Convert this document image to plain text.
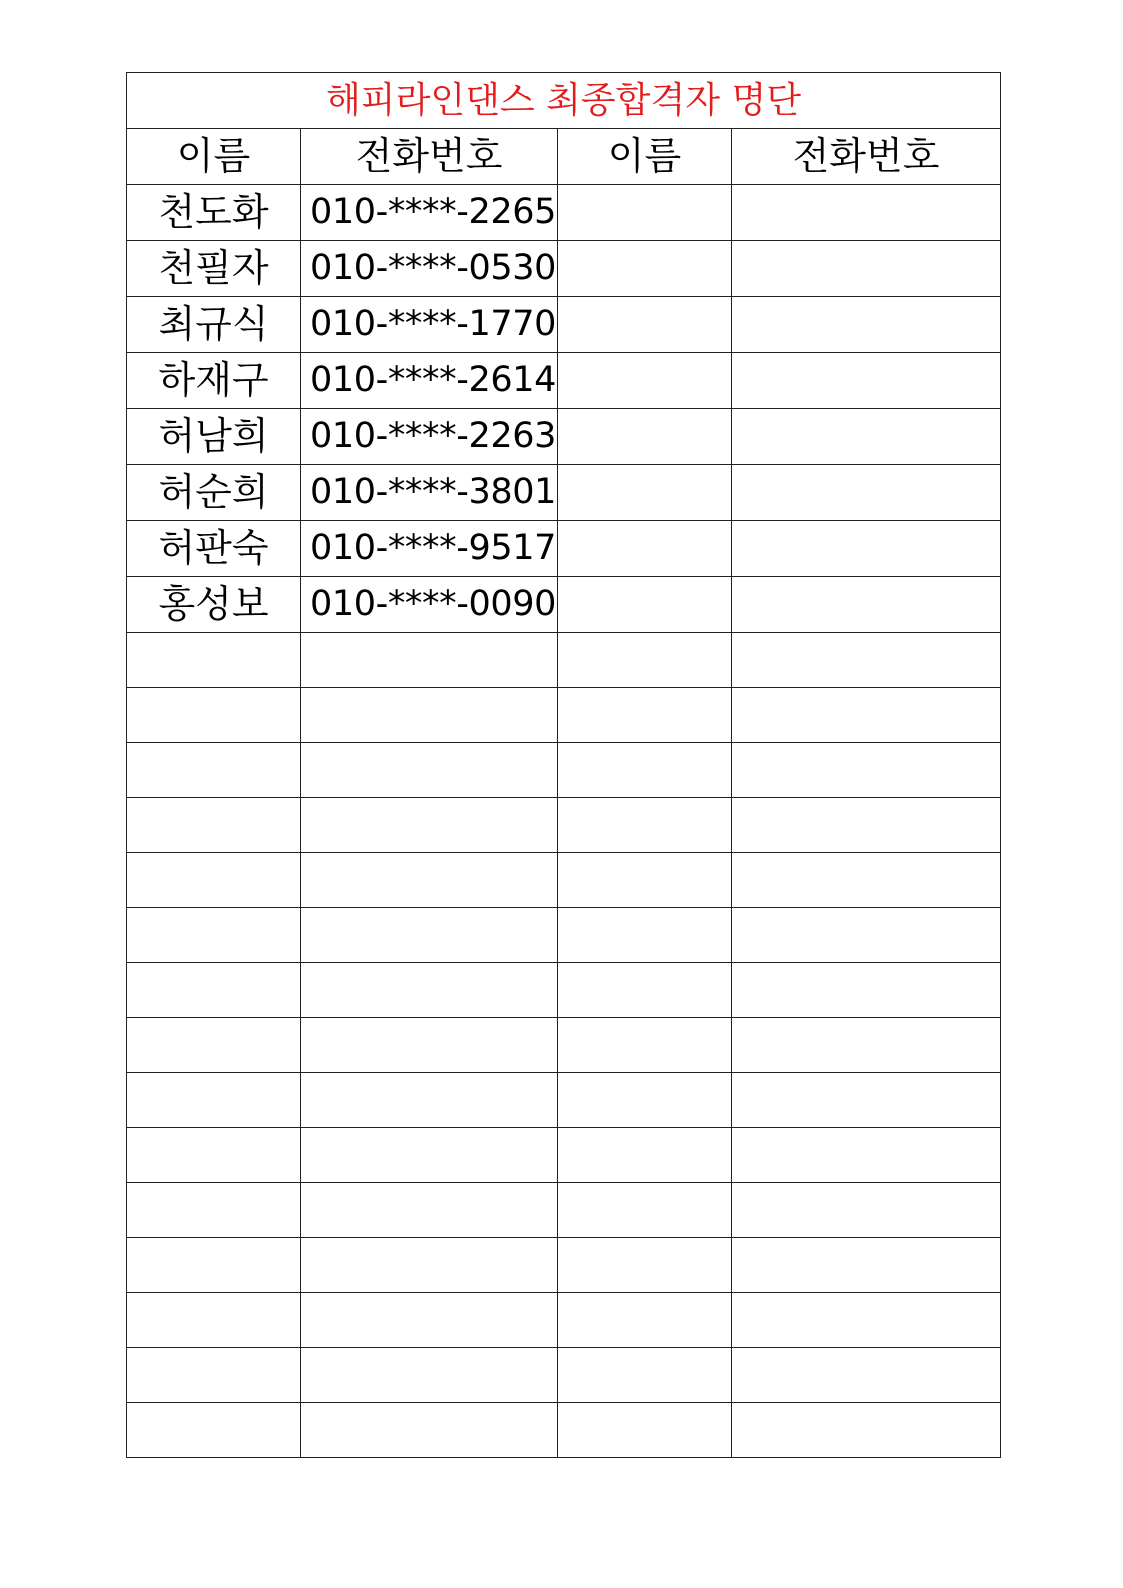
해피라인댄스 최종합격자 명단			
이름	전화번호	이름	전화번호
천도화	010-****-2265		
천필자	010-****-0530		
최규식	010-****-1770		
하재구	010-****-2614		
허남희	010-****-2263		
허순희	010-****-3801		
허판숙	010-****-9517		
홍성보	010-****-0090		
